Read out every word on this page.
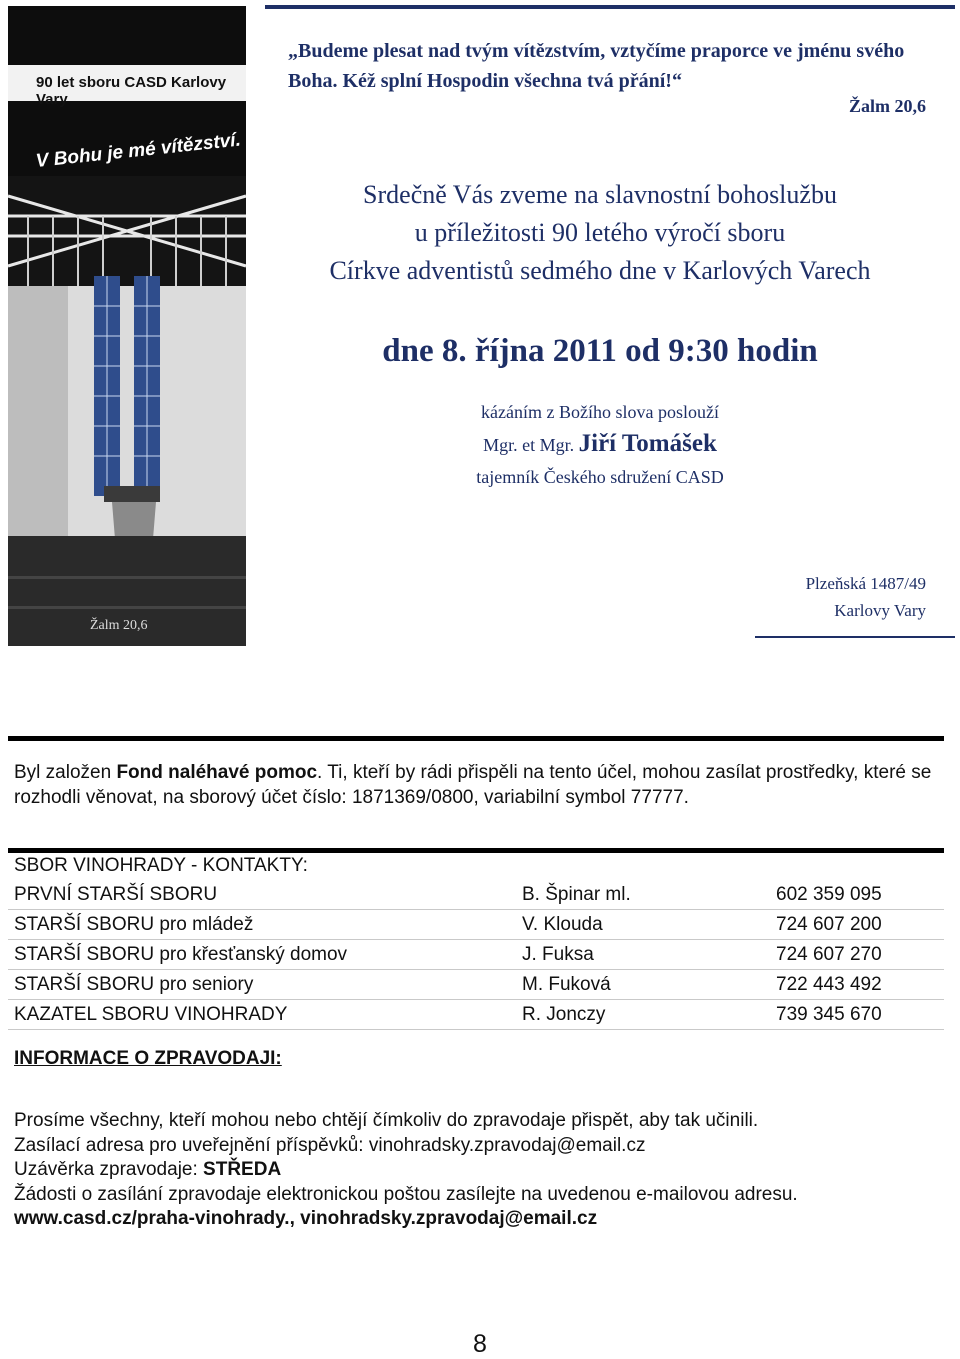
90 let sboru CASD Karlovy Vary
V Bohu je mé vítězství.
Žalm 20,6
„Budeme plesat nad tvým vítězstvím, vztyčíme praporce ve jménu svého Boha. Kéž splní Hospodin všechna tvá přání!“
Žalm 20,6
Srdečně Vás zveme na slavnostní bohoslužbu
u příležitosti 90 letého výročí sboru
Církve adventistů sedmého dne v Karlových Varech
dne 8. října 2011 od 9:30 hodin
kázáním z Božího slova poslouží
Mgr. et Mgr. Jiří Tomášek
tajemník Českého sdružení CASD
Plzeňská 1487/49
Karlovy Vary
Byl založen Fond naléhavé pomoc. Ti, kteří by rádi přispěli na tento účel, mohou zasílat prostředky, které se rozhodli věnovat, na sborový účet číslo: 1871369/0800, variabilní symbol 77777.
SBOR VINOHRADY - KONTAKTY:
PRVNÍ STARŠÍ SBORU	B. Špinar ml.	602 359 095
STARŠÍ SBORU pro mládež	V. Klouda	724 607 200
STARŠÍ SBORU pro křesťanský domov	J. Fuksa	724 607 270
STARŠÍ SBORU pro seniory	M. Fuková	722 443 492
KAZATEL SBORU VINOHRADY	R. Jonczy	739 345 670
INFORMACE O ZPRAVODAJI:
Prosíme všechny, kteří mohou nebo chtějí čímkoliv do zpravodaje přispět, aby tak učinili.
Zasílací adresa pro uveřejnění příspěvků: vinohradsky.zpravodaj@email.cz
Uzávěrka zpravodaje: STŘEDA
Žádosti o zasílání zpravodaje elektronickou poštou zasílejte na uvedenou e-mailovou adresu.
www.casd.cz/praha-vinohrady., vinohradsky.zpravodaj@email.cz
8
